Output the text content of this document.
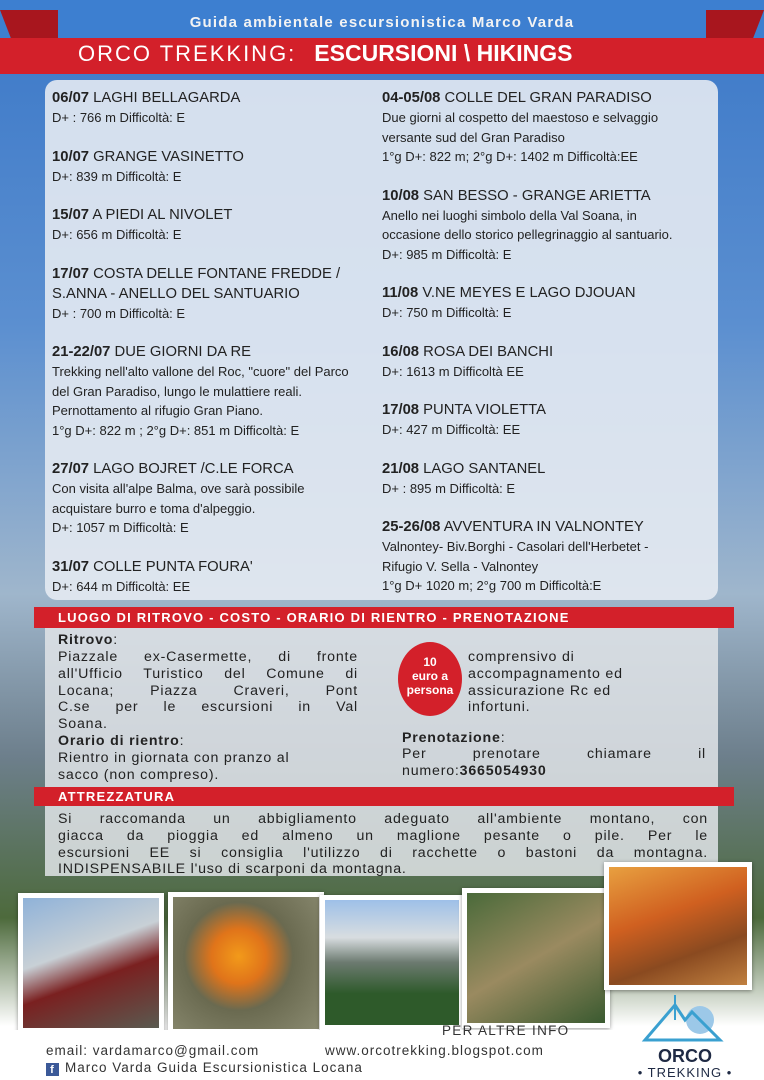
Guida ambientale escursionistica Marco Varda
ORCO TREKKING: ESCURSIONI \ HIKINGS
06/07 LAGHI BELLAGARDA
D+ : 766 m Difficoltà: E
10/07 GRANGE VASINETTO
D+: 839 m Difficoltà: E
15/07 A PIEDI AL NIVOLET
D+: 656 m Difficoltà: E
17/07 COSTA DELLE FONTANE FREDDE / S.ANNA - ANELLO DEL SANTUARIO
D+ : 700 m Difficoltà: E
21-22/07 DUE GIORNI DA RE
Trekking nell'alto vallone del Roc, "cuore" del Parco
del Gran Paradiso, lungo le mulattiere reali.
Pernottamento al rifugio Gran Piano.
1°g D+: 822 m ; 2°g D+: 851 m Difficoltà: E
27/07 LAGO BOJRET /C.LE FORCA
Con visita all'alpe Balma, ove sarà possibile
acquistare burro e toma d'alpeggio.
D+: 1057 m Difficoltà: E
31/07 COLLE PUNTA FOURA'
D+: 644 m Difficoltà: EE
04-05/08 COLLE DEL GRAN PARADISO
Due giorni al cospetto del maestoso e selvaggio
versante sud del Gran Paradiso
1°g D+: 822 m; 2°g D+: 1402 m Difficoltà:EE
10/08 SAN BESSO - GRANGE ARIETTA
Anello nei luoghi simbolo della Val Soana, in
occasione dello storico pellegrinaggio al santuario.
D+: 985 m Difficoltà: E
11/08 V.NE MEYES E LAGO DJOUAN
D+: 750 m Difficoltà: E
16/08 ROSA DEI BANCHI
D+: 1613 m Difficoltà EE
17/08 PUNTA VIOLETTA
D+: 427 m Difficoltà: EE
21/08 LAGO SANTANEL
D+ : 895 m Difficoltà: E
25-26/08 AVVENTURA IN VALNONTEY
Valnontey- Biv.Borghi - Casolari dell'Herbetet -
Rifugio V. Sella - Valnontey
1°g D+ 1020 m; 2°g 700 m Difficoltà:E
LUOGO DI RITROVO - COSTO - ORARIO DI RIENTRO - PRENOTAZIONE
Ritrovo:
Piazzale ex-Casermette, di fronte
all'Ufficio Turistico del Comune di
Locana; Piazza Craveri, Pont
C.se per le escursioni in Val
Soana.
Orario di rientro:
Rientro in giornata con pranzo al
sacco (non compreso).
10
euro a
persona
comprensivo di
accompagnamento ed
assicurazione Rc ed
infortuni.
Prenotazione:
Per prenotare chiamare il
numero:3665054930
ATTREZZATURA
Si raccomanda un abbigliamento adeguato all'ambiente montano, con
giacca da pioggia ed almeno un maglione pesante o pile. Per le
escursioni EE si consiglia l'utilizzo di racchette o bastoni da montagna.
INDISPENSABILE l'uso di scarponi da montagna.
PER ALTRE INFO
email: vardamarco@gmail.com	www.orcotrekking.blogspot.com
f Marco Varda Guida Escursionistica Locana
ORCO
• TREKKING •
